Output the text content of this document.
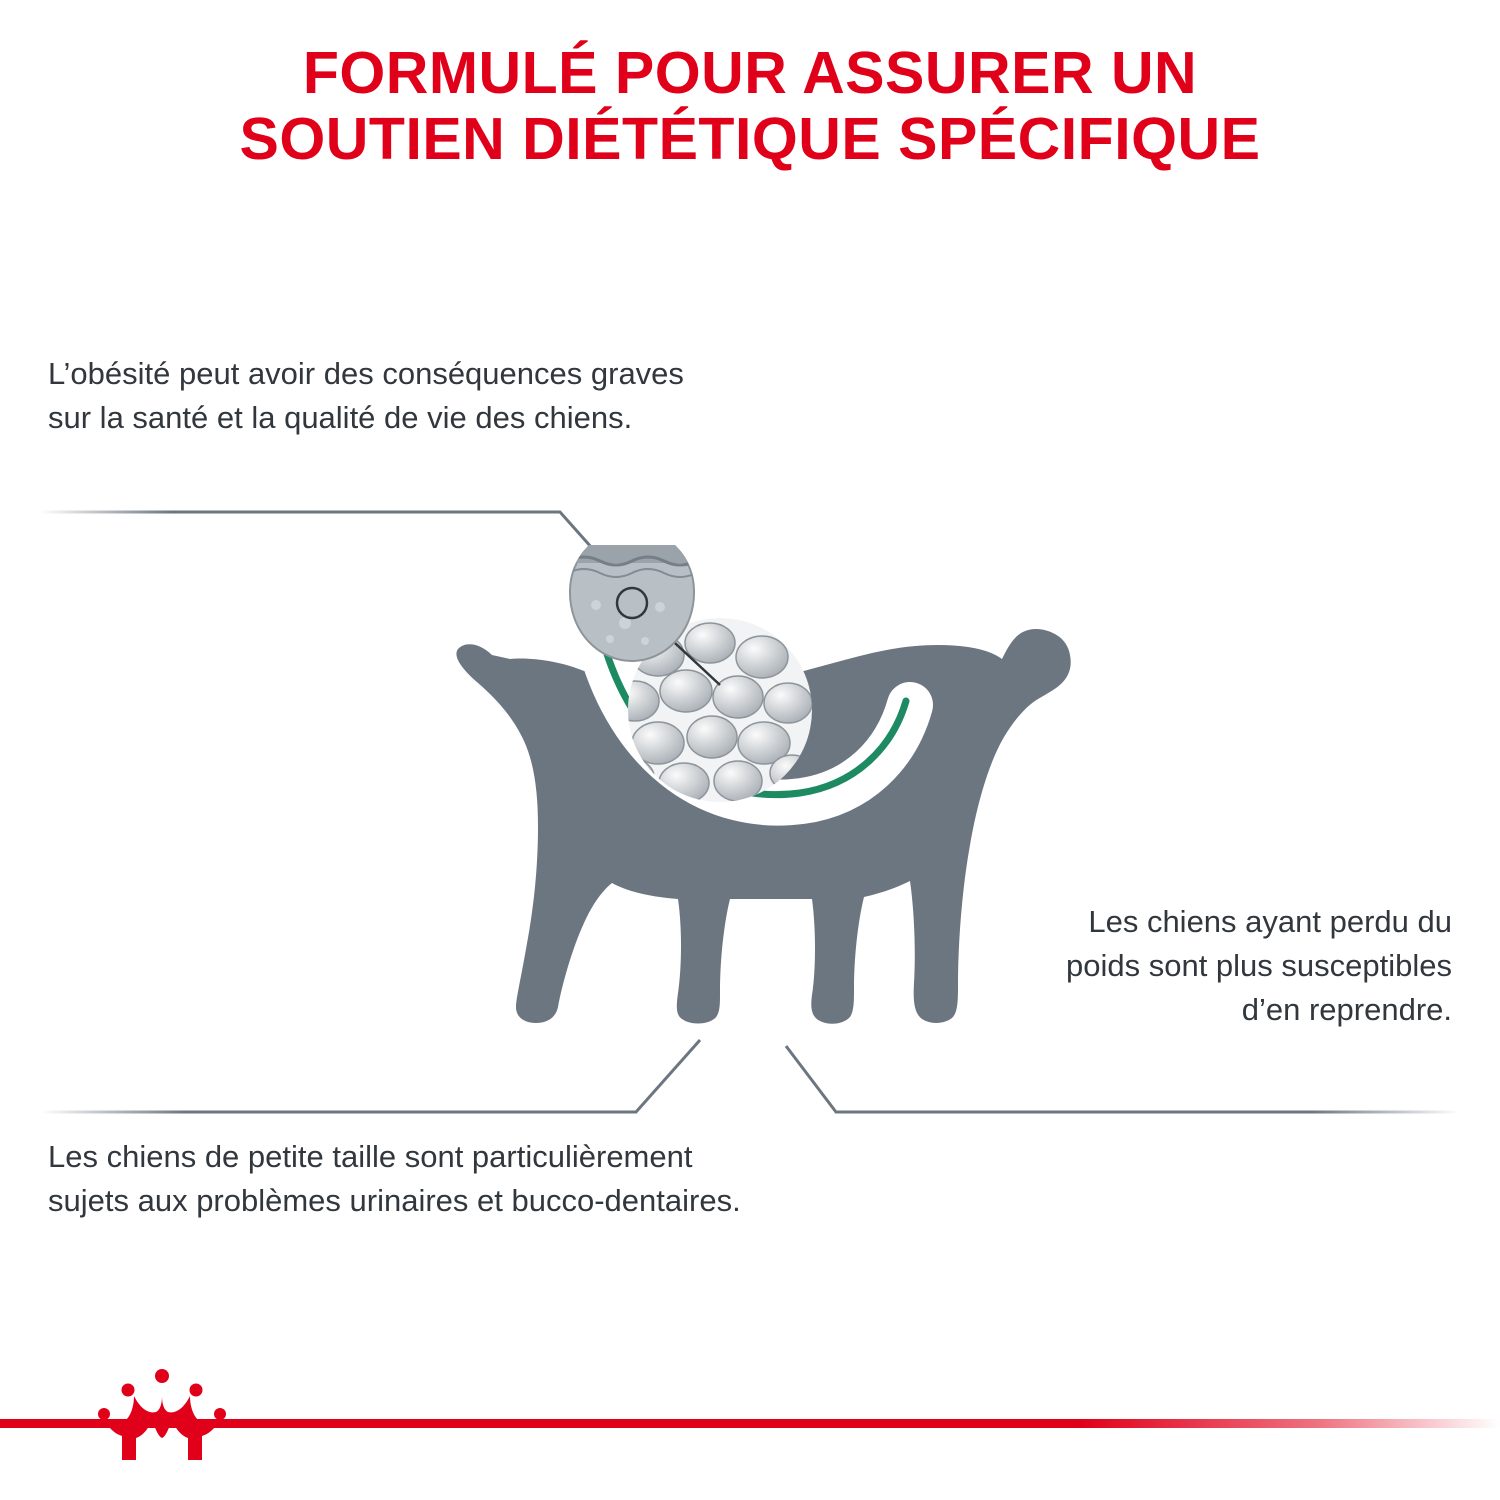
FORMULÉ POUR ASSURER UN
SOUTIEN DIÉTÉTIQUE SPÉCIFIQUE
L’obésité peut avoir des conséquences graves sur la santé et la qualité de vie des chiens.
Les chiens ayant perdu du poids sont plus susceptibles d’en reprendre.
Les chiens de petite taille sont particulièrement sujets aux problèmes urinaires et bucco-dentaires.
